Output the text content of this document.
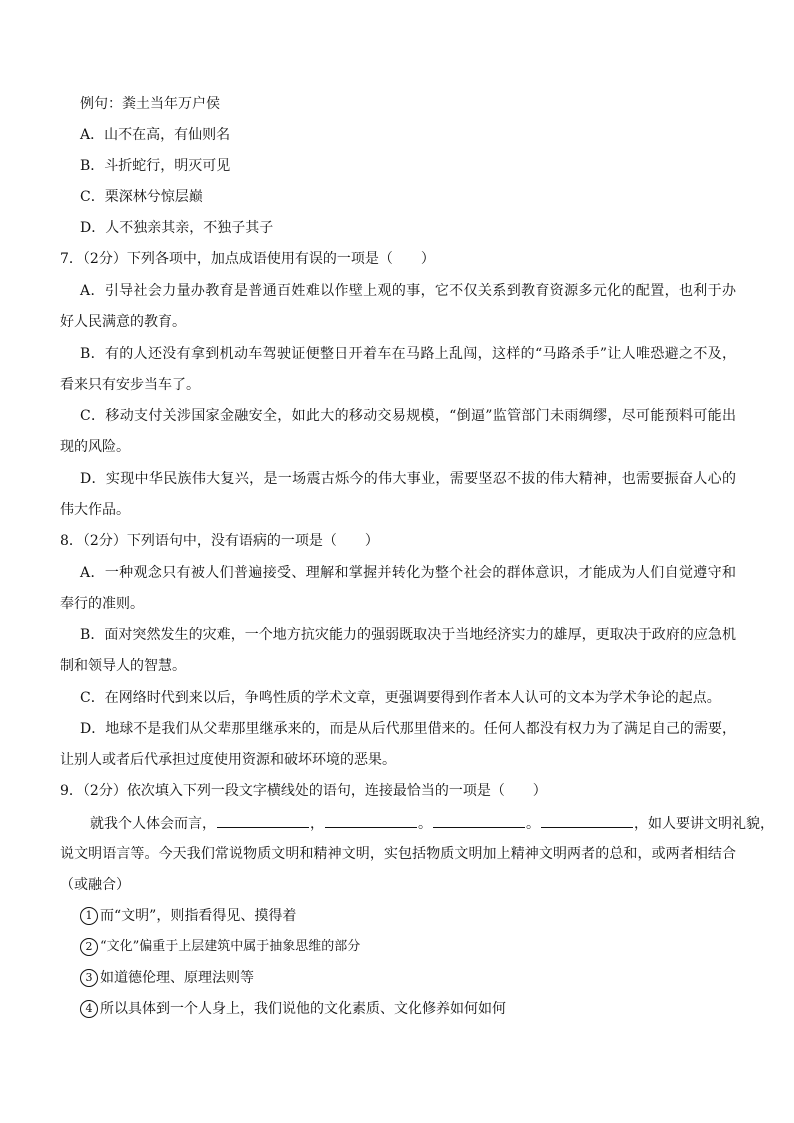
例句：粪土当年万户侯
A．山不在高，有仙则名
B．斗折蛇行，明灭可见
C．栗深林兮惊层巅
D．人不独亲其亲，不独子其子
7．（2分）下列各项中，加点成语使用有误的一项是（　　）
A．引导社会力量办教育是普通百姓难以作壁上观的事，它不仅关系到教育资源多元化的配置，也利于办
好人民满意的教育。
B．有的人还没有拿到机动车驾驶证便整日开着车在马路上乱闯，这样的“马路杀手”让人唯恐避之不及，
看来只有安步当车了。
C．移动支付关涉国家金融安全，如此大的移动交易规模，“倒逼”监管部门未雨绸缪，尽可能预料可能出
现的风险。
D．实现中华民族伟大复兴，是一场震古烁今的伟大事业，需要坚忍不拔的伟大精神，也需要振奋人心的
伟大作品。
8．（2分）下列语句中，没有语病的一项是（　　）
A．一种观念只有被人们普遍接受、理解和掌握并转化为整个社会的群体意识，才能成为人们自觉遵守和
奉行的准则。
B．面对突然发生的灾难，一个地方抗灾能力的强弱既取决于当地经济实力的雄厚，更取决于政府的应急机
制和领导人的智慧。
C．在网络时代到来以后，争鸣性质的学术文章，更强调要得到作者本人认可的文本为学术争论的起点。
D．地球不是我们从父辈那里继承来的，而是从后代那里借来的。任何人都没有权力为了满足自己的需要，
让别人或者后代承担过度使用资源和破坏环境的恶果。
9．（2分）依次填入下列一段文字横线处的语句，连接最恰当的一项是（　　）
就我个人体会而言，	，	。	。	，如人要讲文明礼貌，
说文明语言等。今天我们常说物质文明和精神文明，实包括物质文明加上精神文明两者的总和，或两者相结合
（或融合）
1 而“文明”，则指看得见、摸得着
2 “文化”偏重于上层建筑中属于抽象思维的部分
3 如道德伦理、原理法则等
4 所以具体到一个人身上，我们说他的文化素质、文化修养如何如何
